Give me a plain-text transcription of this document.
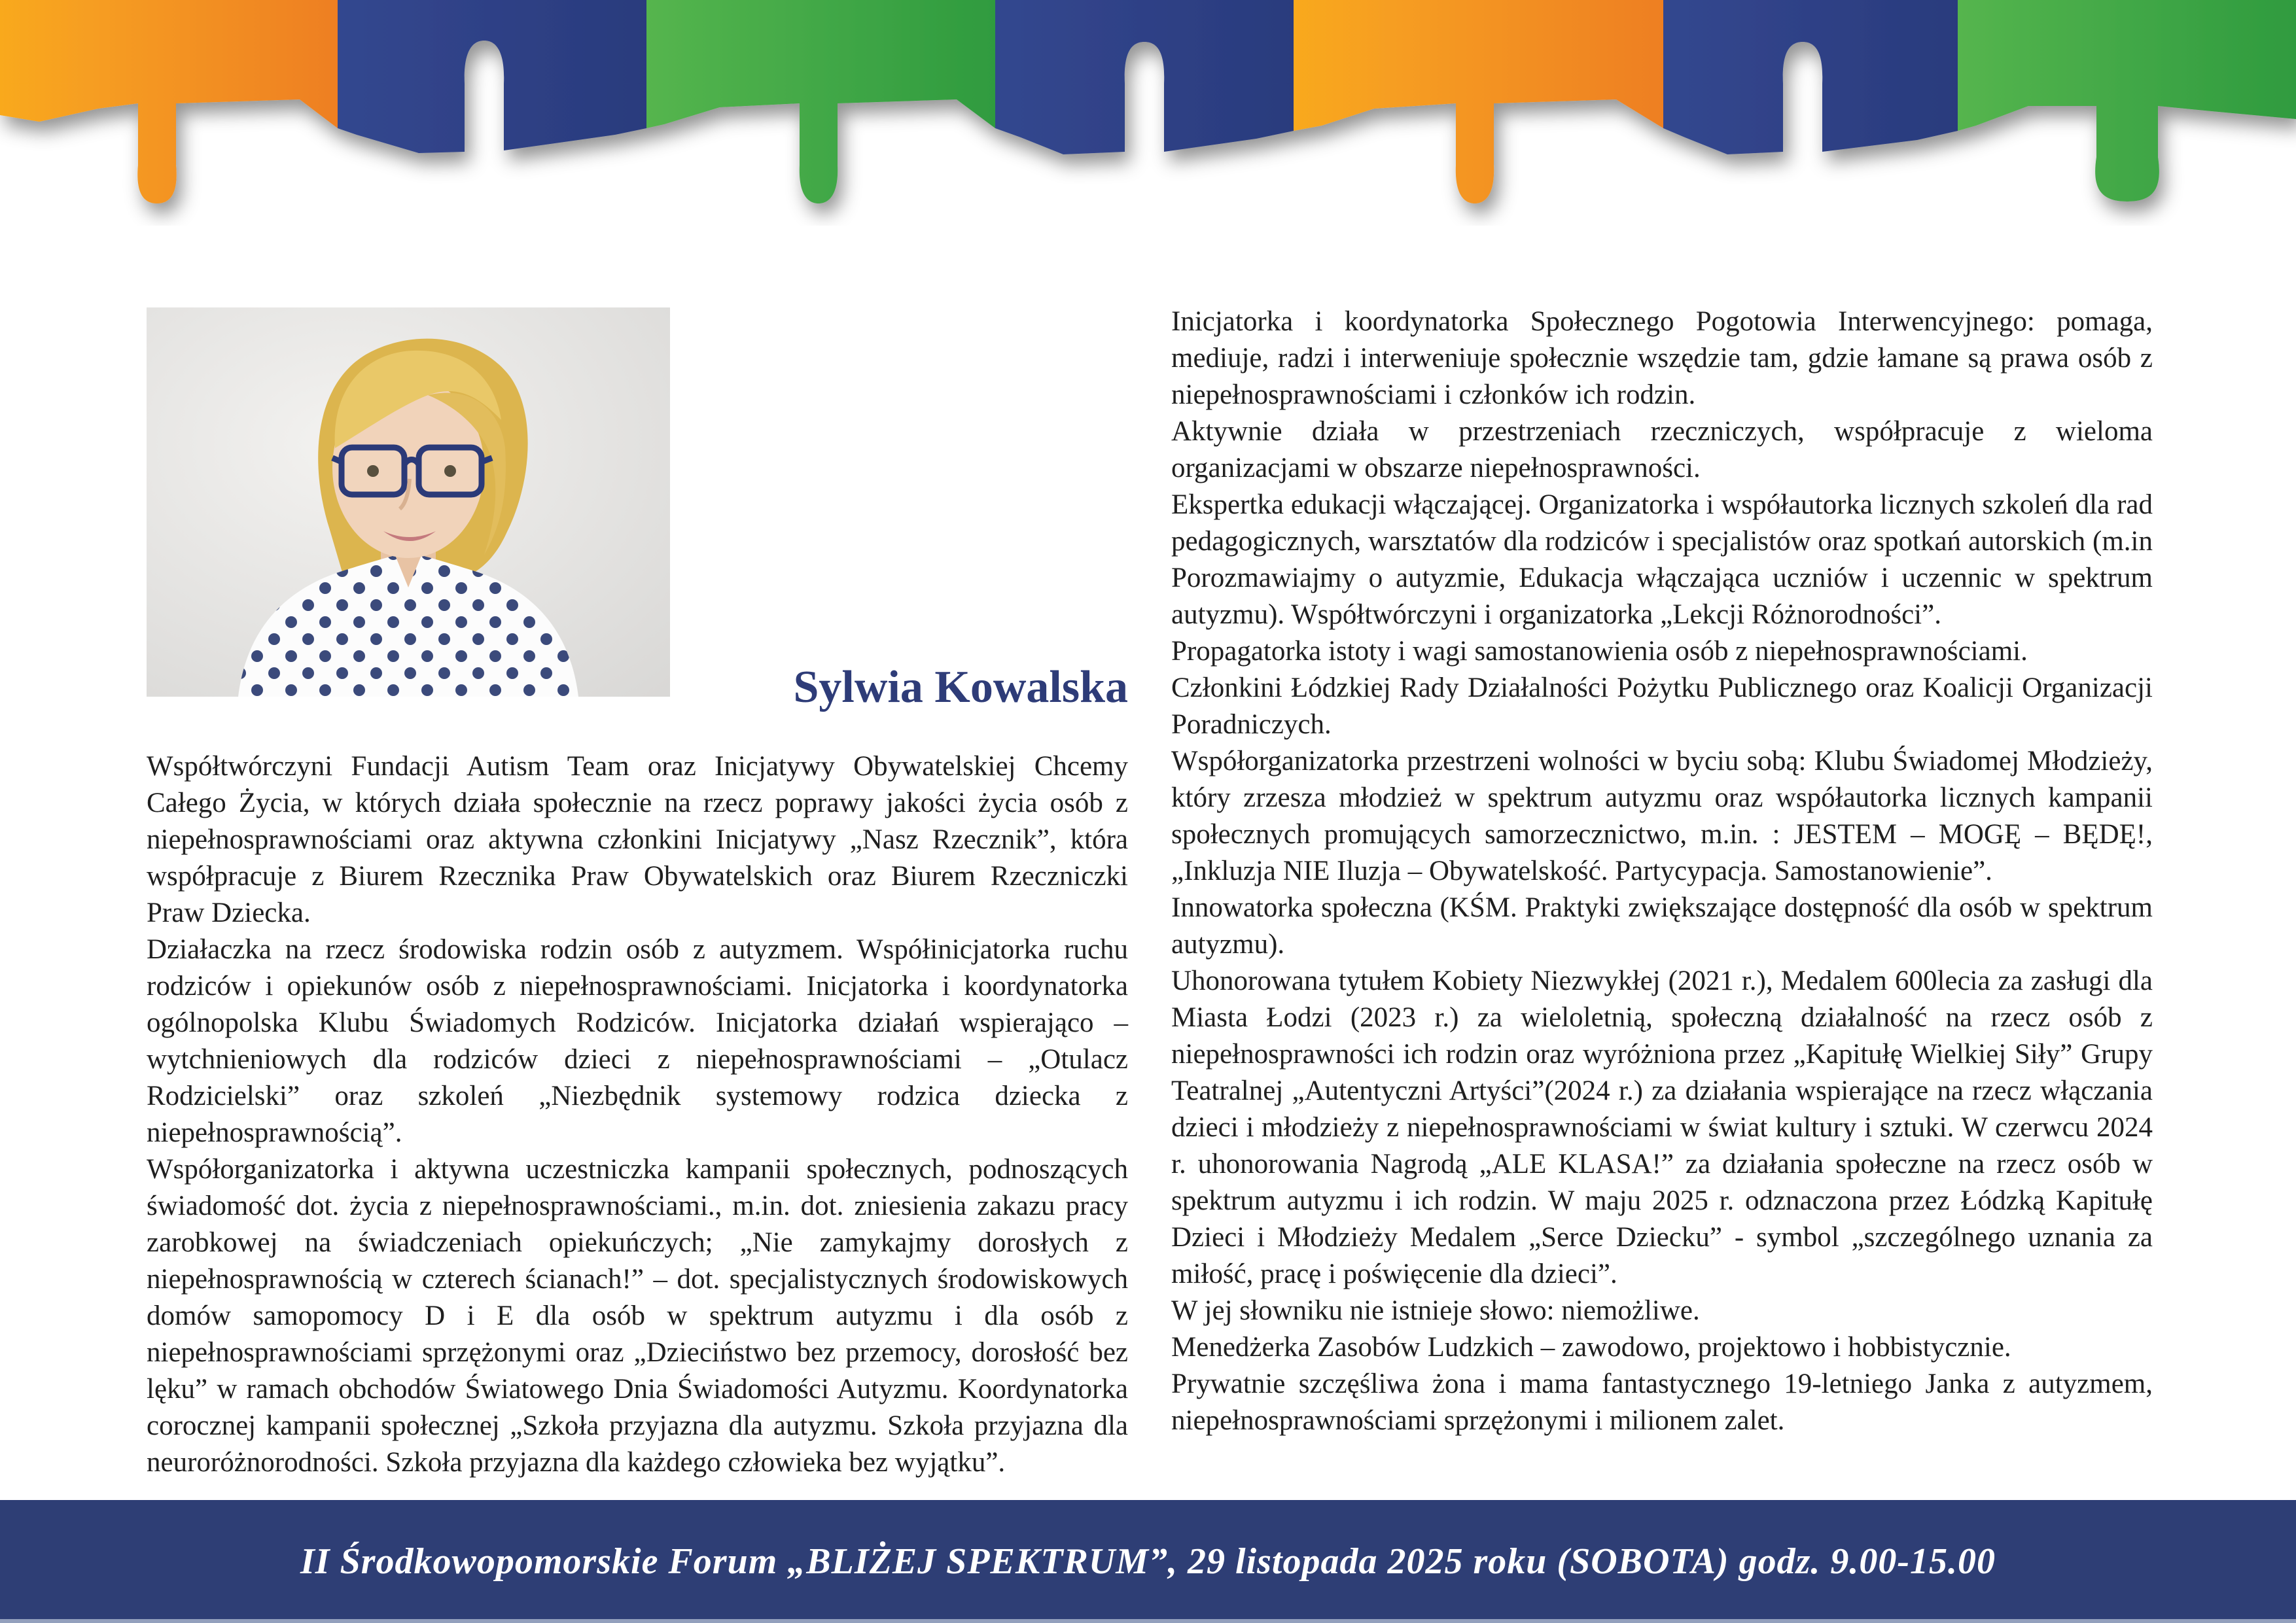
Sylwia Kowalska

Współtwórczyni Fundacji Autism Team oraz Inicjatywy Obywatelskiej Chcemy Całego Życia, w których działa społecznie na rzecz poprawy jakości życia osób z niepełnosprawnościami oraz aktywna członkini Inicjatywy „Nasz Rzecznik”, która współpracuje z Biurem Rzecznika Praw Obywatelskich oraz Biurem Rzeczniczki Praw Dziecka.

Działaczka na rzecz środowiska rodzin osób z autyzmem. Współinicjatorka ruchu rodziców i opiekunów osób z niepełnosprawnościami. Inicjatorka i koordynatorka ogólnopolska Klubu Świadomych Rodziców. Inicjatorka działań wspierająco – wytchnieniowych dla rodziców dzieci z niepełnosprawnościami – „Otulacz Rodzicielski” oraz szkoleń „Niezbędnik systemowy rodzica dziecka z niepełnosprawnością”.

Współorganizatorka i aktywna uczestniczka kampanii społecznych, podnoszących świadomość dot. życia z niepełnosprawnościami., m.in. dot. zniesienia zakazu pracy zarobkowej na świadczeniach opiekuńczych; „Nie zamykajmy dorosłych z niepełnosprawnością w czterech ścianach!” – dot. specjalistycznych środowiskowych domów samopomocy D i E dla osób w spektrum autyzmu i dla osób z niepełnosprawnościami sprzężonymi oraz „Dzieciństwo bez przemocy, dorosłość bez lęku” w ramach obchodów Światowego Dnia Świadomości Autyzmu. Koordynatorka corocznej kampanii społecznej „Szkoła przyjazna dla autyzmu. Szkoła przyjazna dla neuroróżnorodności. Szkoła przyjazna dla każdego człowieka bez wyjątku”.

Inicjatorka i koordynatorka Społecznego Pogotowia Interwencyjnego: pomaga, mediuje, radzi i interweniuje społecznie wszędzie tam, gdzie łamane są prawa osób z niepełnosprawnościami i członków ich rodzin.

Aktywnie działa w przestrzeniach rzeczniczych, współpracuje z wieloma organizacjami w obszarze niepełnosprawności.

Ekspertka edukacji włączającej. Organizatorka i współautorka licznych szkoleń dla rad pedagogicznych, warsztatów dla rodziców i specjalistów oraz spotkań autorskich (m.in Porozmawiajmy o autyzmie, Edukacja włączająca uczniów i uczennic w spektrum autyzmu). Współtwórczyni i organizatorka „Lekcji Różnorodności”.

Propagatorka istoty i wagi samostanowienia osób z niepełnosprawnościami.

Członkini Łódzkiej Rady Działalności Pożytku Publicznego oraz Koalicji Organizacji Poradniczych.

Współorganizatorka przestrzeni wolności w byciu sobą: Klubu Świadomej Młodzieży, który zrzesza młodzież w spektrum autyzmu oraz współautorka licznych kampanii społecznych promujących samorzecznictwo, m.in. : JESTEM – MOGĘ – BĘDĘ!, „Inkluzja NIE Iluzja – Obywatelskość. Partycypacja. Samostanowienie”.

Innowatorka społeczna (KŚM. Praktyki zwiększające dostępność dla osób w spektrum autyzmu).

Uhonorowana tytułem Kobiety Niezwykłej (2021 r.), Medalem 600lecia za zasługi dla Miasta Łodzi (2023 r.) za wieloletnią, społeczną działalność na rzecz osób z niepełnosprawności ich rodzin oraz wyróżniona przez „Kapitułę Wielkiej Siły” Grupy Teatralnej „Autentyczni Artyści”(2024 r.) za działania wspierające na rzecz włączania dzieci i młodzieży z niepełnosprawnościami w świat kultury i sztuki. W czerwcu 2024 r. uhonorowania Nagrodą „ALE KLASA!” za działania społeczne na rzecz osób w spektrum autyzmu i ich rodzin. W maju 2025 r. odznaczona przez Łódzką Kapitułę Dzieci i Młodzieży Medalem „Serce Dziecku” - symbol „szczególnego uznania za miłość, pracę i poświęcenie dla dzieci”.

W jej słowniku nie istnieje słowo: niemożliwe.

Menedżerka Zasobów Ludzkich – zawodowo, projektowo i hobbistycznie.

Prywatnie szczęśliwa żona i mama fantastycznego 19-letniego Janka z autyzmem, niepełnosprawnościami sprzężonymi i milionem zalet.

II Środkowopomorskie Forum „BLIŻEJ SPEKTRUM”, 29 listopada 2025 roku (SOBOTA) godz. 9.00-15.00
